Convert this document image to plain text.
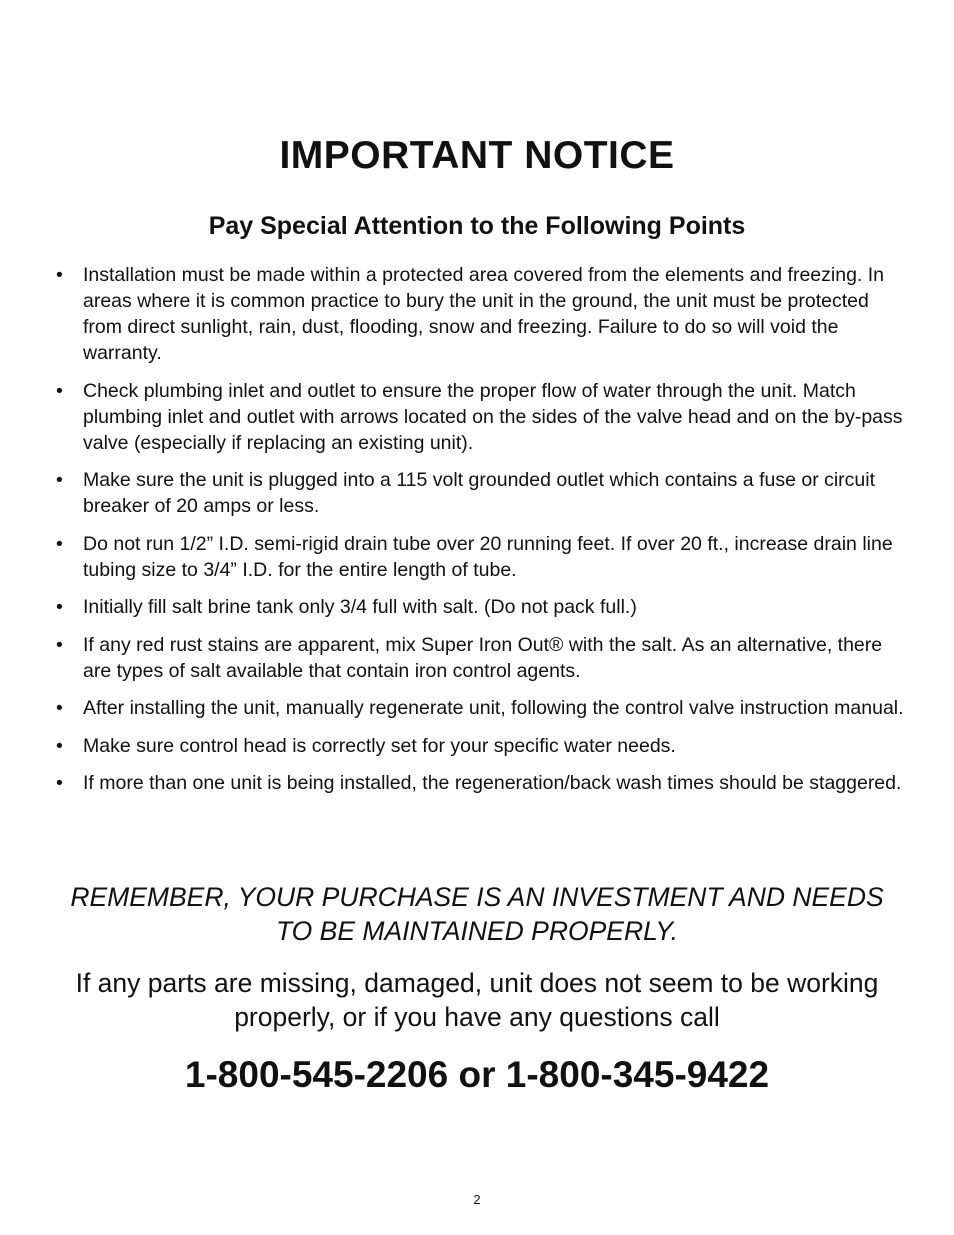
IMPORTANT NOTICE
Pay Special Attention to the Following Points
• Installation must be made within a protected area covered from the elements and freezing. In areas where it is common practice to bury the unit in the ground, the unit must be protected from direct sunlight, rain, dust, flooding, snow and freezing. Failure to do so will void the warranty.
• Check plumbing inlet and outlet to ensure the proper flow of water through the unit. Match plumbing inlet and outlet with arrows located on the sides of the valve head and on the by-pass valve (especially if replacing an existing unit).
• Make sure the unit is plugged into a 115 volt grounded outlet which contains a fuse or circuit breaker of 20 amps or less.
• Do not run 1/2” I.D. semi-rigid drain tube over 20 running feet. If over 20 ft., increase drain line tubing size to 3/4” I.D. for the entire length of tube.
• Initially fill salt brine tank only 3/4 full with salt. (Do not pack full.)
• If any red rust stains are apparent, mix Super Iron Out® with the salt. As an alternative, there are types of salt available that contain iron control agents.
• After installing the unit, manually regenerate unit, following the control valve instruction manual.
• Make sure control head is correctly set for your specific water needs.
• If more than one unit is being installed, the regeneration/back wash times should be staggered.

REMEMBER, YOUR PURCHASE IS AN INVESTMENT AND NEEDS TO BE MAINTAINED PROPERLY.

If any parts are missing, damaged, unit does not seem to be working properly, or if you have any questions call

1-800-545-2206 or 1-800-345-9422

2
